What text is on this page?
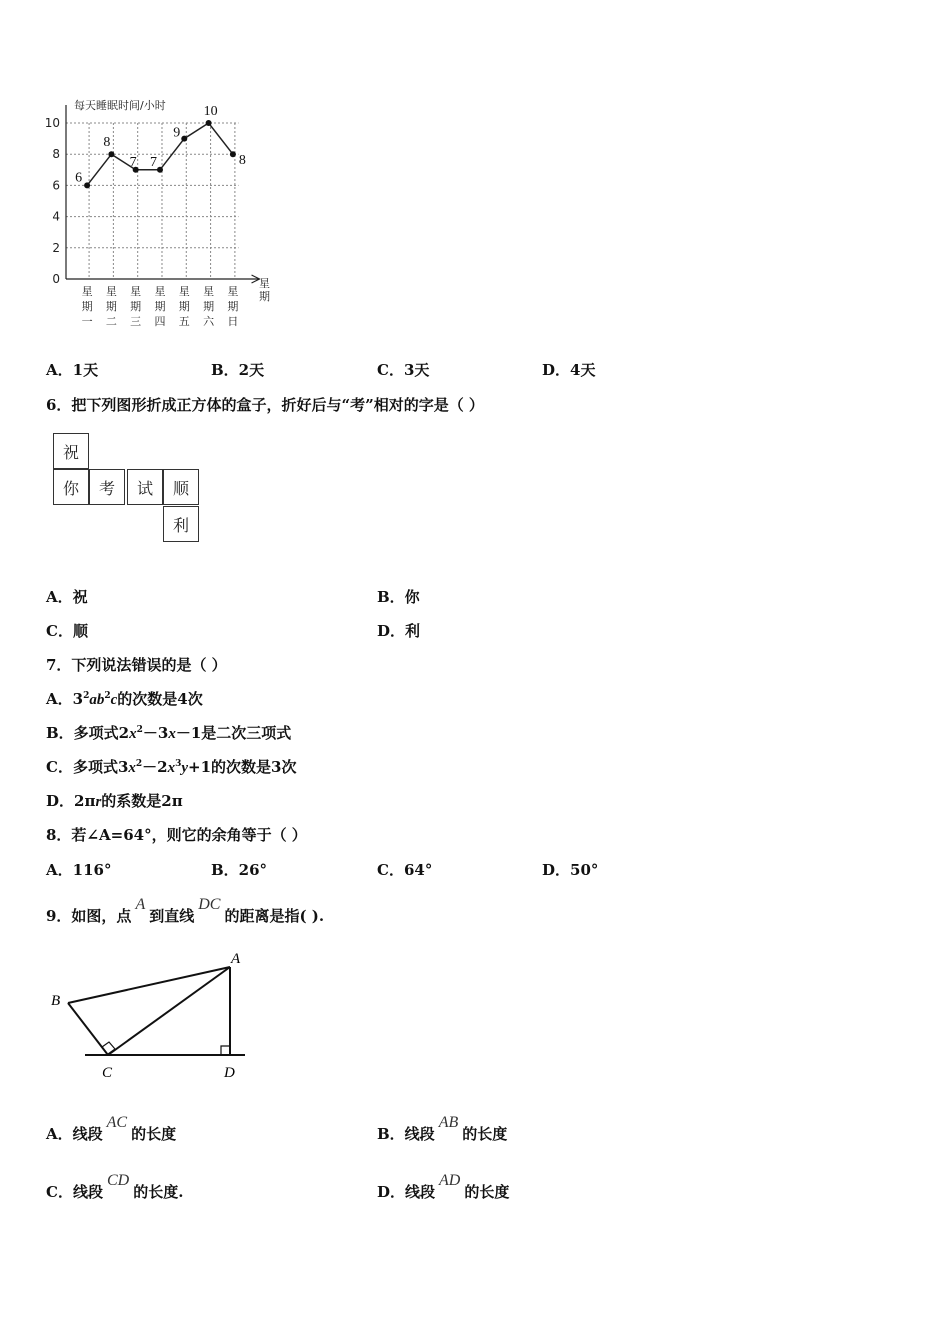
0
2
4
6
8
10
6
8
7 7
9
10
8
星期一
星期二
星期三
星期四
星期五
星期六
星期日
每天睡眠时间/小时
星期
A．1天	B．2天	C．3天	D．4天
6．把下列图形折成正方体的盒子，折好后与“考”相对的字是（ ）
祝
你	考	试	顺
利
A．祝	B．你
C．顺	D．利
7．下列说法错误的是（ ）
A．$3^2ab^2c$的次数是4次
B．多项式$2x^2-3x-1$是二次三项式
C．多项式$3x^2-2x^3y+1$的次数是3次
D．2πr的系数是2π
8．若∠A=64°，则它的余角等于（ ）
A．116°	B．26°	C．64°	D．50°
9．如图，点A到直线DC的距离是指( ).
A
B
C	D
A．线段AC的长度	B．线段AB的长度
C．线段CD的长度.	D．线段AD的长度
